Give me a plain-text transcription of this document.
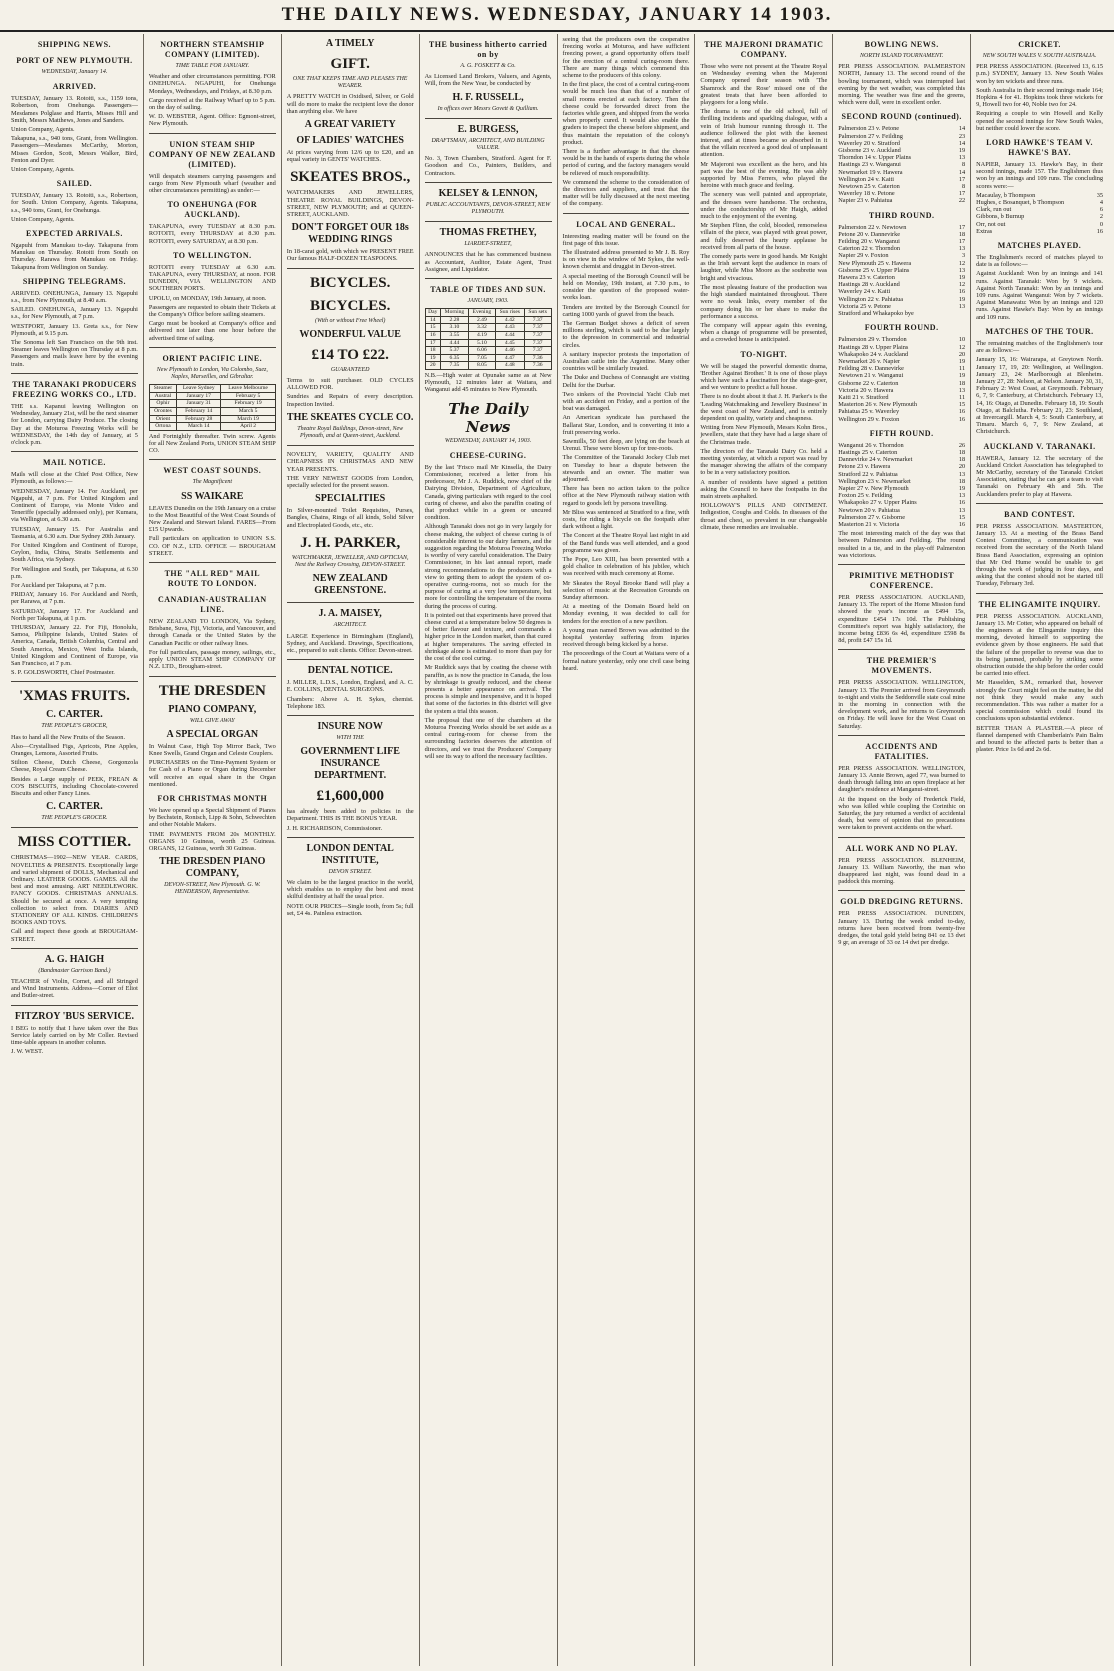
THE DAILY NEWS. WEDNESDAY, JANUARY 14 1903.
SHIPPING NEWS.
PORT OF NEW PLYMOUTH.
WEDNESDAY, January 14.
ARRIVED.
TUESDAY, January 13. Rotoiti, s.s., 1159 tons, Robertson, from Onehunga. Passengers—Mesdames Polglase and Harris, Misses Hill and Smith, Messrs Matthews, Jones and Sanders.
Union Company, Agents.
Takapuna, s.s., 940 tons, Grant, from Wellington. Passengers—Mesdames McCarthy, Morton, Misses Gordon, Scott, Messrs Walker, Bird, Fenton and Dyer.
Union Company, Agents.
SAILED.
TUESDAY, January 13. Rotoiti, s.s., Robertson, for South. Union Company, Agents. Takapuna, s.s., 940 tons, Grant, for Onehunga.
Union Company, Agents.
EXPECTED ARRIVALS.
Ngapuhi from Manukau to-day. Takapuna from Manukau on Thursday. Rotoiti from South on Thursday. Rarawa from Manukau on Friday. Takapuna from Wellington on Sunday.
SHIPPING TELEGRAMS.
ARRIVED. ONEHUNGA, January 13. Ngapuhi s.s., from New Plymouth, at 8.40 a.m.
SAILED. ONEHUNGA, January 13. Ngapuhi s.s., for New Plymouth, at 7 p.m.
WESTPORT, January 13. Greta s.s., for New Plymouth, at 9.15 p.m.
The Sonoma left San Francisco on the 9th inst. Steamer leaves Wellington on Thursday at 8 p.m. Passengers and mails leave here by the evening train.
THE TARANAKI PRODUCERS FREEZING WORKS CO., LTD.
THE s.s. Kapanui leaving Wellington on Wednesday, January 21st, will be the next steamer for London, carrying Dairy Produce. The closing Day at the Moturoa Freezing Works will be WEDNESDAY, the 14th day of January, at 5 o'clock p.m.
MAIL NOTICE.
Mails will close at the Chief Post Office, New Plymouth, as follows:—
WEDNESDAY, January 14. For Auckland, per Ngapuhi, at 7 p.m. For United Kingdom and Continent of Europe, via Monte Video and Teneriffe (specially addressed only), per Kumara, via Wellington, at 6.30 a.m.
TUESDAY, January 15. For Australia and Tasmania, at 6.30 a.m. Due Sydney 20th January.
For United Kingdom and Continent of Europe, Ceylon, India, China, Straits Settlements and South Africa, via Sydney.
For Wellington and South, per Takapuna, at 6.30 p.m.
For Auckland per Takapuna, at 7 p.m.
FRIDAY, January 16. For Auckland and North, per Rarawa, at 7 p.m.
SATURDAY, January 17. For Auckland and North per Takapuna, at 1 p.m.
THURSDAY, January 22. For Fiji, Honolulu, Samoa, Philippine Islands, United States of America, Canada, British Columbia, Central and South America, Mexico, West India Islands, United Kingdom and Continent of Europe, via San Francisco, at 7 p.m.
S. P. GOLDSWORTH, Chief Postmaster.
'XMAS FRUITS.
C. CARTER.
THE PEOPLE'S GROCER,
Has to hand all the New Fruits of the Season.
Also—Crystallised Figs, Apricots, Pine Apples, Oranges, Lemons, Assorted Fruits.
Stilton Cheese, Dutch Cheese, Gorgonzola Cheese, Royal Cream Cheese.
Besides a Large supply of PEEK, FREAN & CO'S BISCUITS, including Chocolate-covered Biscuits and other Fancy Lines.
C. CARTER.
THE PEOPLE'S GROCER.
MISS COTTIER.
CHRISTMAS—1902—NEW YEAR. CARDS, NOVELTIES & PRESENTS. Exceptionally large and varied shipment of DOLLS, Mechanical and Ordinary. LEATHER GOODS. GAMES. All the best and most amusing. ART NEEDLEWORK. FANCY GOODS. CHRISTMAS ANNUALS. Should be secured at once. A very tempting collection to select from. DIARIES AND STATIONERY OF ALL KINDS. CHILDREN'S BOOKS AND TOYS.
Call and inspect these goods at BROUGHAM-STREET.
A. G. HAIGH
(Bandmaster Garrison Band.)
TEACHER of Violin, Cornet, and all Stringed and Wind Instruments. Address—Corner of Eliot and Butler-street.
FITZROY 'BUS SERVICE.
I BEG to notify that I have taken over the Bus Service lately carried on by Mr Coller. Revised time-table appears in another column.
J. W. WEST.
NORTHERN STEAMSHIP COMPANY (LIMITED).
TIME TABLE FOR JANUARY.
Weather and other circumstances permitting. FOR ONEHUNGA. NGAPUHI, for Onehunga Mondays, Wednesdays, and Fridays, at 8.30 p.m.
Cargo received at the Railway Wharf up to 5 p.m. on the day of sailing.
W. D. WEBSTER, Agent. Office: Egmont-street, New Plymouth.
UNION STEAM SHIP COMPANY OF NEW ZEALAND (LIMITED).
Will despatch steamers carrying passengers and cargo from New Plymouth wharf (weather and other circumstances permitting) as under:—
TO ONEHUNGA (FOR AUCKLAND).
TAKAPUNA, every TUESDAY at 8.30 p.m. ROTOITI, every THURSDAY at 8.30 p.m. ROTOITI, every SATURDAY, at 8.30 p.m.
TO WELLINGTON.
ROTOITI every TUESDAY at 6.30 a.m. TAKAPUNA, every THURSDAY, at noon. FOR DUNEDIN, VIA WELLINGTON AND SOUTHERN PORTS.
UPOLU, on MONDAY, 19th January, at noon.
Passengers are requested to obtain their Tickets at the Company's Office before sailing steamers.
Cargo must be booked at Company's office and delivered not later than one hour before the advertised time of sailing.
ORIENT PACIFIC LINE.
New Plymouth to London, Via Colombo, Suez, Naples, Marseilles, and Gibraltar.
Steamer	Leave Sydney	Leave Melbourne
Austral	January 17	February 5
Ophir	January 31	February 19
Orontes	February 14	March 5
Orient	February 28	March 19
Ortona	March 14	April 2
And Fortnightly thereafter. Twin screw. Agents for all New Zealand Ports, UNION STEAM SHIP CO.
WEST COAST SOUNDS.
The Magnificent
SS WAIKARE
LEAVES Dunedin on the 19th January on a cruise to the Most Beautiful of the West Coast Sounds of New Zealand and Stewart Island. FARES—From £15 Upwards.
Full particulars on application to UNION S.S. CO. OF N.Z., LTD. OFFICE — BROUGHAM STREET.
THE "ALL RED" MAIL ROUTE TO LONDON.
CANADIAN-AUSTRALIAN LINE.
NEW ZEALAND TO LONDON, Via Sydney, Brisbane, Suva, Fiji, Victoria, and Vancouver, and through Canada or the United States by the Canadian Pacific or other railway lines.
For full particulars, passage money, sailings, etc., apply UNION STEAM SHIP COMPANY OF N.Z. LTD., Brougham-street.
THE DRESDEN
PIANO COMPANY,
WILL GIVE AWAY
A SPECIAL ORGAN
In Walnut Case, High Top Mirror Back, Two Knee Swells, Grand Organ and Celeste Couplers.
PURCHASERS on the Time-Payment System or for Cash of a Piano or Organ during December will receive an equal share in the Organ mentioned.
FOR CHRISTMAS MONTH
We have opened up a Special Shipment of Pianos by Bechstein, Ronisch, Lipp & Sohn, Schwechten and other Notable Makers.
TIME PAYMENTS FROM 20s MONTHLY. ORGANS 10 Guineas, worth 25 Guineas. ORGANS, 12 Guineas, worth 30 Guineas.
THE DRESDEN PIANO COMPANY,
DEVON-STREET, New Plymouth. G. W. HENDERSON, Representative.
A TIMELY
GIFT.
ONE THAT KEEPS TIME AND PLEASES THE WEARER.
A PRETTY WATCH in Oxidised, Silver, or Gold will do more to make the recipient love the donor than anything else. We have
A GREAT VARIETY
OF LADIES' WATCHES
At prices varying from 12/6 up to £20, and an equal variety in GENTS' WATCHES.
SKEATES BROS.,
WATCHMAKERS AND JEWELLERS, THEATRE ROYAL BUILDINGS, DEVON-STREET, NEW PLYMOUTH; and at QUEEN-STREET, AUCKLAND.
DON'T FORGET OUR 18s WEDDING RINGS
In 18-carat gold, with which we PRESENT FREE Our famous HALF-DOZEN TEASPOONS.
BICYCLES.
BICYCLES.
(With or without Free Wheel)
WONDERFUL VALUE
£14 TO £22.
GUARANTEED
Terms to suit purchaser. OLD CYCLES ALLOWED FOR.
Sundries and Repairs of every description. Inspection Invited.
THE SKEATES CYCLE CO.
Theatre Royal Buildings, Devon-street, New Plymouth, and at Queen-street, Auckland.
NOVELTY, VARIETY, QUALITY AND CHEAPNESS IN CHRISTMAS AND NEW YEAR PRESENTS.
THE VERY NEWEST GOODS from London, specially selected for the present season.
SPECIALITIES
In Silver-mounted Toilet Requisites, Purses, Bangles, Chains, Rings of all kinds, Solid Silver and Electroplated Goods, etc., etc.
J. H. PARKER,
WATCHMAKER, JEWELLER, AND OPTICIAN, Next the Railway Crossing, DEVON-STREET.
NEW ZEALAND GREENSTONE.
J. A. MAISEY,
ARCHITECT.
LARGE Experience in Birmingham (England), Sydney, and Auckland. Drawings, Specifications, etc., prepared to suit clients. Office: Devon-street.
DENTAL NOTICE.
J. MILLER, L.D.S., London, England, and A. C. E. COLLINS, DENTAL SURGEONS.
Chambers: Above A. H. Sykes, chemist. Telephone 183.
INSURE NOW
WITH THE
GOVERNMENT LIFE INSURANCE DEPARTMENT.
£1,600,000
has already been added to policies in the Department. THIS IS THE BONUS YEAR.
J. H. RICHARDSON, Commissioner.
LONDON DENTAL INSTITUTE,
DEVON STREET.
We claim to be the largest practice in the world, which enables us to employ the best and most skilful dentistry at half the usual price.
NOTE OUR PRICES—Single tooth, from 5s; full set, £4 4s. Painless extraction.
THE business hitherto carried on by
A. G. FOSKETT & Co.
As Licensed Land Brokers, Valuers, and Agents, Will, from the New Year, be conducted by
H. F. RUSSELL,
In offices over Messrs Govett & Quilliam.
E. BURGESS,
DRAFTSMAN, ARCHITECT, AND BUILDING VALUER.
No. 3, Town Chambers, Stratford. Agent for F. Goodson and Co., Painters, Builders, and Contractors.
KELSEY & LENNON,
PUBLIC ACCOUNTANTS, DEVON-STREET, NEW PLYMOUTH.
THOMAS FRETHEY,
LIARDET-STREET,
ANNOUNCES that he has commenced business as Accountant, Auditor, Estate Agent, Trust Assignee, and Liquidator.
TABLE OF TIDES AND SUN.
JANUARY, 1903.
Day	Morning	Evening	Sun rises	Sun sets
14	2.28	2.49	4.42	7.37
15	3.10	3.32	4.43	7.37
16	3.55	4.19	4.44	7.37
17	4.44	5.10	4.45	7.37
18	5.37	6.06	4.46	7.37
19	6.35	7.05	4.47	7.36
20	7.35	8.05	4.48	7.36
N.B.—High water at Opunake same as at New Plymouth, 12 minutes later at Waitara, and Wanganui add 45 minutes to New Plymouth.
The Daily News
WEDNESDAY, JANUARY 14, 1903.
CHEESE-CURING.
By the last 'Frisco mail Mr Kinsella, the Dairy Commissioner, received a letter from his predecessor, Mr J. A. Ruddick, now chief of the Dairying Division, Department of Agriculture, Canada, giving particulars with regard to the cool curing of cheese, and also the paraffin coating of that product while in a green or uncured condition.
Although Taranaki does not go in very largely for cheese making, the subject of cheese curing is of considerable interest to our dairy farmers, and the suggestion regarding the Moturoa Freezing Works is worthy of very careful consideration. The Dairy Commissioner, in his last annual report, made strong recommendations to the producers with a view to getting them to adopt the system of co-operative curing-rooms, not so much for the purpose of curing at a very low temperature, but more for controlling the temperature of the rooms during the process of curing.
It is pointed out that experiments have proved that cheese cured at a temperature below 50 degrees is of better flavour and texture, and commands a higher price in the London market, than that cured at higher temperatures. The saving effected in shrinkage alone is estimated to more than pay for the cost of the cool curing.
Mr Ruddick says that by coating the cheese with paraffin, as is now the practice in Canada, the loss by shrinkage is greatly reduced, and the cheese presents a better appearance on arrival. The process is simple and inexpensive, and it is hoped that some of the factories in this district will give the system a trial this season.
The proposal that one of the chambers at the Moturoa Freezing Works should be set aside as a central curing-room for cheese from the surrounding factories deserves the attention of directors, and we trust the Producers' Company will see its way to afford the necessary facilities.
seeing that the producers own the cooperative freezing works at Moturoa, and have sufficient freezing power, a grand opportunity offers itself for the erection of a central curing-room there. There are many things which commend this scheme to the producers of this colony.
In the first place, the cost of a central curing-room would be much less than that of a number of small rooms erected at each factory. Then the cheese could be forwarded direct from the factories while green, and shipped from the works when properly cured. It would also enable the graders to inspect the cheese before shipment, and thus maintain the reputation of the colony's product.
There is a further advantage in that the cheese would be in the hands of experts during the whole period of curing, and the factory managers would be relieved of much responsibility.
We commend the scheme to the consideration of the directors and suppliers, and trust that the matter will be fully discussed at the next meeting of the company.
LOCAL AND GENERAL.
Interesting reading matter will be found on the first page of this issue.
The illustrated address presented to Mr J. B. Roy is on view in the window of Mr Sykes, the well-known chemist and druggist in Devon-street.
A special meeting of the Borough Council will be held on Monday, 19th instant, at 7.30 p.m., to consider the question of the proposed water-works loan.
Tenders are invited by the Borough Council for carting 1000 yards of gravel from the beach.
The German Budget shows a deficit of seven millions sterling, which is said to be due largely to the depression in commercial and industrial circles.
A sanitary inspector protests the importation of Australian cattle into the Argentine. Many other countries will be similarly treated.
The Duke and Duchess of Connaught are visiting Delhi for the Durbar.
Two sinkers of the Provincial Yacht Club met with an accident on Friday, and a portion of the boat was damaged.
An American syndicate has purchased the Ballarat Star, London, and is converting it into a fruit preserving works.
Sawmills, 50 feet deep, are lying on the beach at Urenui. These were blown up for tree-roots.
The Committee of the Taranaki Jockey Club met on Tuesday to hear a dispute between the stewards and an owner. The matter was adjourned.
There has been no action taken to the police office at the New Plymouth railway station with regard to goods left by persons travelling.
Mr Bliss was sentenced at Stratford to a fine, with costs, for riding a bicycle on the footpath after dark without a light.
The Concert at the Theatre Royal last night in aid of the Band funds was well attended, and a good programme was given.
The Pope, Leo XIII, has been presented with a gold chalice in celebration of his jubilee, which was received with much ceremony at Rome.
Mr Skeates the Royal Brooke Band will play a selection of music at the Recreation Grounds on Sunday afternoon.
At a meeting of the Domain Board held on Monday evening, it was decided to call for tenders for the erection of a new pavilion.
A young man named Brown was admitted to the hospital yesterday suffering from injuries received through being kicked by a horse.
The proceedings of the Court at Waitara were of a formal nature yesterday, only one civil case being heard.
THE MAJERONI DRAMATIC COMPANY.
Those who were not present at the Theatre Royal on Wednesday evening when the Majeroni Company opened their season with 'The Shamrock and the Rose' missed one of the greatest treats that have been afforded to playgoers for a long while.
The drama is one of the old school, full of thrilling incidents and sparkling dialogue, with a vein of Irish humour running through it. The audience followed the plot with the keenest interest, and at times became so absorbed in it that the villain received a good deal of unpleasant attention.
Mr Majeroni was excellent as the hero, and his part was the best of the evening. He was ably supported by Miss Ferrers, who played the heroine with much grace and feeling.
The scenery was well painted and appropriate, and the dresses were handsome. The orchestra, under the conductorship of Mr Haigh, added much to the enjoyment of the evening.
Mr Stephen Flinn, the cold, blooded, remorseless villain of the piece, was played with great power, and fully deserved the hearty applause he received from all parts of the house.
The comedy parts were in good hands. Mr Knight as the Irish servant kept the audience in roars of laughter, while Miss Moore as the soubrette was bright and vivacious.
The most pleasing feature of the production was the high standard maintained throughout. There were no weak links, every member of the company doing his or her share to make the performance a success.
The company will appear again this evening, when a change of programme will be presented, and a crowded house is anticipated.
TO-NIGHT.
We will be staged the powerful domestic drama, 'Brother Against Brother.' It is one of those plays which have such a fascination for the stage-goer, and we venture to predict a full house.
There is no doubt about it that J. H. Parker's is the 'Leading Watchmaking and Jewellery Business' in the west coast of New Zealand, and is entirely dependent on quality, variety and cheapness.
Writing from New Plymouth, Messrs Kohn Bros., jewellers, state that they have had a large share of the Christmas trade.
The directors of the Taranaki Dairy Co. held a meeting yesterday, at which a report was read by the manager showing the affairs of the company to be in a very satisfactory position.
A number of residents have signed a petition asking the Council to have the footpaths in the main streets asphalted.
HOLLOWAY'S PILLS AND OINTMENT. Indigestion, Coughs and Colds. In diseases of the throat and chest, so prevalent in our changeable climate, these remedies are invaluable.
BOWLING NEWS.
NORTH ISLAND TOURNAMENT.
PER PRESS ASSOCIATION. PALMERSTON NORTH, January 13. The second round of the bowling tournament, which was interrupted last evening by the wet weather, was completed this morning. The weather was fine and the greens, which were dull, were in excellent order.
SECOND ROUND (continued).
Palmerston 23 v. Petone	14
Palmerston 27 v. Feilding	23
Waverley 20 v. Stratford	14
Gisborne 23 v. Auckland	19
Thorndon 14 v. Upper Plains	13
Hastings 23 v. Wanganui	8
Newmarket 19 v. Hawera	14
Wellington 24 v. Kaiti	17
Newtown 25 v. Caterton	8
Waverley 18 v. Petone	17
Napier 23 v. Pahiatua	22
THIRD ROUND.
Palmerston 22 v. Newtown	17
Petone 20 v. Dannevirke	18
Feilding 20 v. Wanganui	17
Caterton 22 v. Thorndon	13
Napier 29 v. Foxton	3
New Plymouth 25 v. Hawera	12
Gisborne 25 v. Upper Plains	13
Hawera 23 v. Caterton	19
Hastings 28 v. Auckland	12
Waverley 24 v. Kaiti	16
Wellington 22 v. Pahiatua	19
Victoria 25 v. Petone	13
Stratford and Whakapoko bye
FOURTH ROUND.
Palmerston 29 v. Thorndon	10
Hastings 28 v. Upper Plains	12
Whakapoko 24 v. Auckland	20
Newmarket 26 v. Napier	19
Feilding 28 v. Dannevirke	11
Newtown 21 v. Wanganui	19
Gisborne 22 v. Caterton	18
Victoria 20 v. Hawera	13
Kaiti 21 v. Stratford	11
Masterton 26 v. New Plymouth	15
Pahiatua 25 v. Waverley	16
Wellington 29 v. Foxton	16
FIFTH ROUND.
Wanganui 26 v. Thorndon	26
Hastings 25 v. Caterton	18
Dannevirke 24 v. Newmarket	18
Petone 23 v. Hawera	20
Stratford 22 v. Pahiatua	13
Wellington 23 v. Newmarket	18
Napier 27 v. New Plymouth	19
Foxton 25 v. Feilding	13
Whakapoko 27 v. Upper Plains	16
Newtown 20 v. Pahiatua	13
Palmerston 27 v. Gisborne	15
Masterton 21 v. Victoria	16
The most interesting match of the day was that between Palmerston and Feilding. The round resulted in a tie, and in the play-off Palmerston was victorious.
PRIMITIVE METHODIST CONFERENCE.
PER PRESS ASSOCIATION. AUCKLAND, January 13. The report of the Home Mission fund showed the year's income as £494 15s, expenditure £454 17s 10d. The Publishing Committee's report was highly satisfactory, the income being £836 6s 4d, expenditure £598 8s 8d, profit £47 15s 1d.
THE PREMIER'S MOVEMENTS.
PER PRESS ASSOCIATION. WELLINGTON, January 13. The Premier arrived from Greymouth to-night and visits the Seddonville state coal mine in the morning in connection with the development work, and he returns to Greymouth on Friday. He will leave for the West Coast on Saturday.
ACCIDENTS AND FATALITIES.
PER PRESS ASSOCIATION. WELLINGTON, January 13. Annie Brown, aged 77, was burned to death through falling into an open fireplace at her daughter's residence at Manganui-street.
At the inquest on the body of Frederick Field, who was killed while coupling the Corinthic on Saturday, the jury returned a verdict of accidental death, but were of opinion that no precautions were taken to prevent accidents on the wharf.
ALL WORK AND NO PLAY.
PER PRESS ASSOCIATION. BLENHEIM, January 13. William Naworthy, the man who disappeared last night, was found dead in a paddock this morning.
GOLD DREDGING RETURNS.
PER PRESS ASSOCIATION. DUNEDIN, January 13. During the week ended to-day, returns have been received from twenty-five dredges, the total gold yield being 841 oz 13 dwt 9 gr, an average of 33 oz 14 dwt per dredge.
CRICKET.
NEW SOUTH WALES V. SOUTH AUSTRALIA.
PER PRESS ASSOCIATION. (Received 13, 6.15 p.m.) SYDNEY, January 13. New South Wales won by ten wickets and three runs.
South Australia in their second innings made 164; Hopkins 4 for 41. Hopkins took three wickets for 9, Howell two for 40, Noble two for 24.
Requiring a couple to win Howell and Kelly opened the second innings for New South Wales, but neither could lower the score.
LORD HAWKE'S TEAM V. HAWKE'S BAY.
NAPIER, January 13. Hawke's Bay, in their second innings, made 157. The Englishmen thus won by an innings and 109 runs. The concluding scores were:—
Macaulay, b Thompson	35
Hughes, c Bosanquet, b Thompson	4
Clark, run out	6
Gibbons, b Burnup	2
Orr, not out	0
Extras	16
MATCHES PLAYED.
The Englishmen's record of matches played to date is as follows:—
Against Auckland: Won by an innings and 141 runs. Against Taranaki: Won by 9 wickets. Against North Taranaki: Won by an innings and 109 runs. Against Wanganui: Won by 7 wickets. Against Manawatu: Won by an innings and 120 runs. Against Hawke's Bay: Won by an innings and 109 runs.
MATCHES OF THE TOUR.
The remaining matches of the Englishmen's tour are as follows:—
January 15, 16: Wairarapa, at Greytown North. January 17, 19, 20: Wellington, at Wellington. January 23, 24: Marlborough at Blenheim. January 27, 28: Nelson, at Nelson. January 30, 31, February 2: West Coast, at Greymouth. February 6, 7, 9: Canterbury, at Christchurch. February 13, 14, 16: Otago, at Dunedin. February 18, 19: South Otago, at Balclutha. February 21, 23: Southland, at Invercargill. March 4, 5: South Canterbury, at Timaru. March 6, 7, 9: New Zealand, at Christchurch.
AUCKLAND V. TARANAKI.
HAWERA, January 12. The secretary of the Auckland Cricket Association has telegraphed to Mr McCarthy, secretary of the Taranaki Cricket Association, stating that he can get a team to visit Taranaki on February 4th and 5th. The Aucklanders prefer to play at Hawera.
BAND CONTEST.
PER PRESS ASSOCIATION. MASTERTON, January 13. At a meeting of the Brass Band Contest Committee, a communication was received from the secretary of the North Island Brass Band Association, expressing an opinion that Mr Ord Hume would be unable to get through the work of judging in four days, and asking that the contest should not be started till Tuesday, February 3rd.
THE ELINGAMITE INQUIRY.
PER PRESS ASSOCIATION. AUCKLAND, January 13. Mr Cotter, who appeared on behalf of the engineers at the Elingamite inquiry this morning, devoted himself to supporting the evidence given by those engineers. He said that the failure of the propeller to reverse was due to its being jammed, probably by striking some obstruction outside the ship before the order could be carried into effect.
Mr Hasselden, S.M., remarked that, however strongly the Court might feel on the matter, he did not think they would make any such recommendation. This was rather a matter for a special commission which could found its conclusions upon substantial evidence.
BETTER THAN A PLASTER.—A piece of flannel dampened with Chamberlain's Pain Balm and bound to the affected parts is better than a plaster. Price 1s 6d and 2s 6d.
